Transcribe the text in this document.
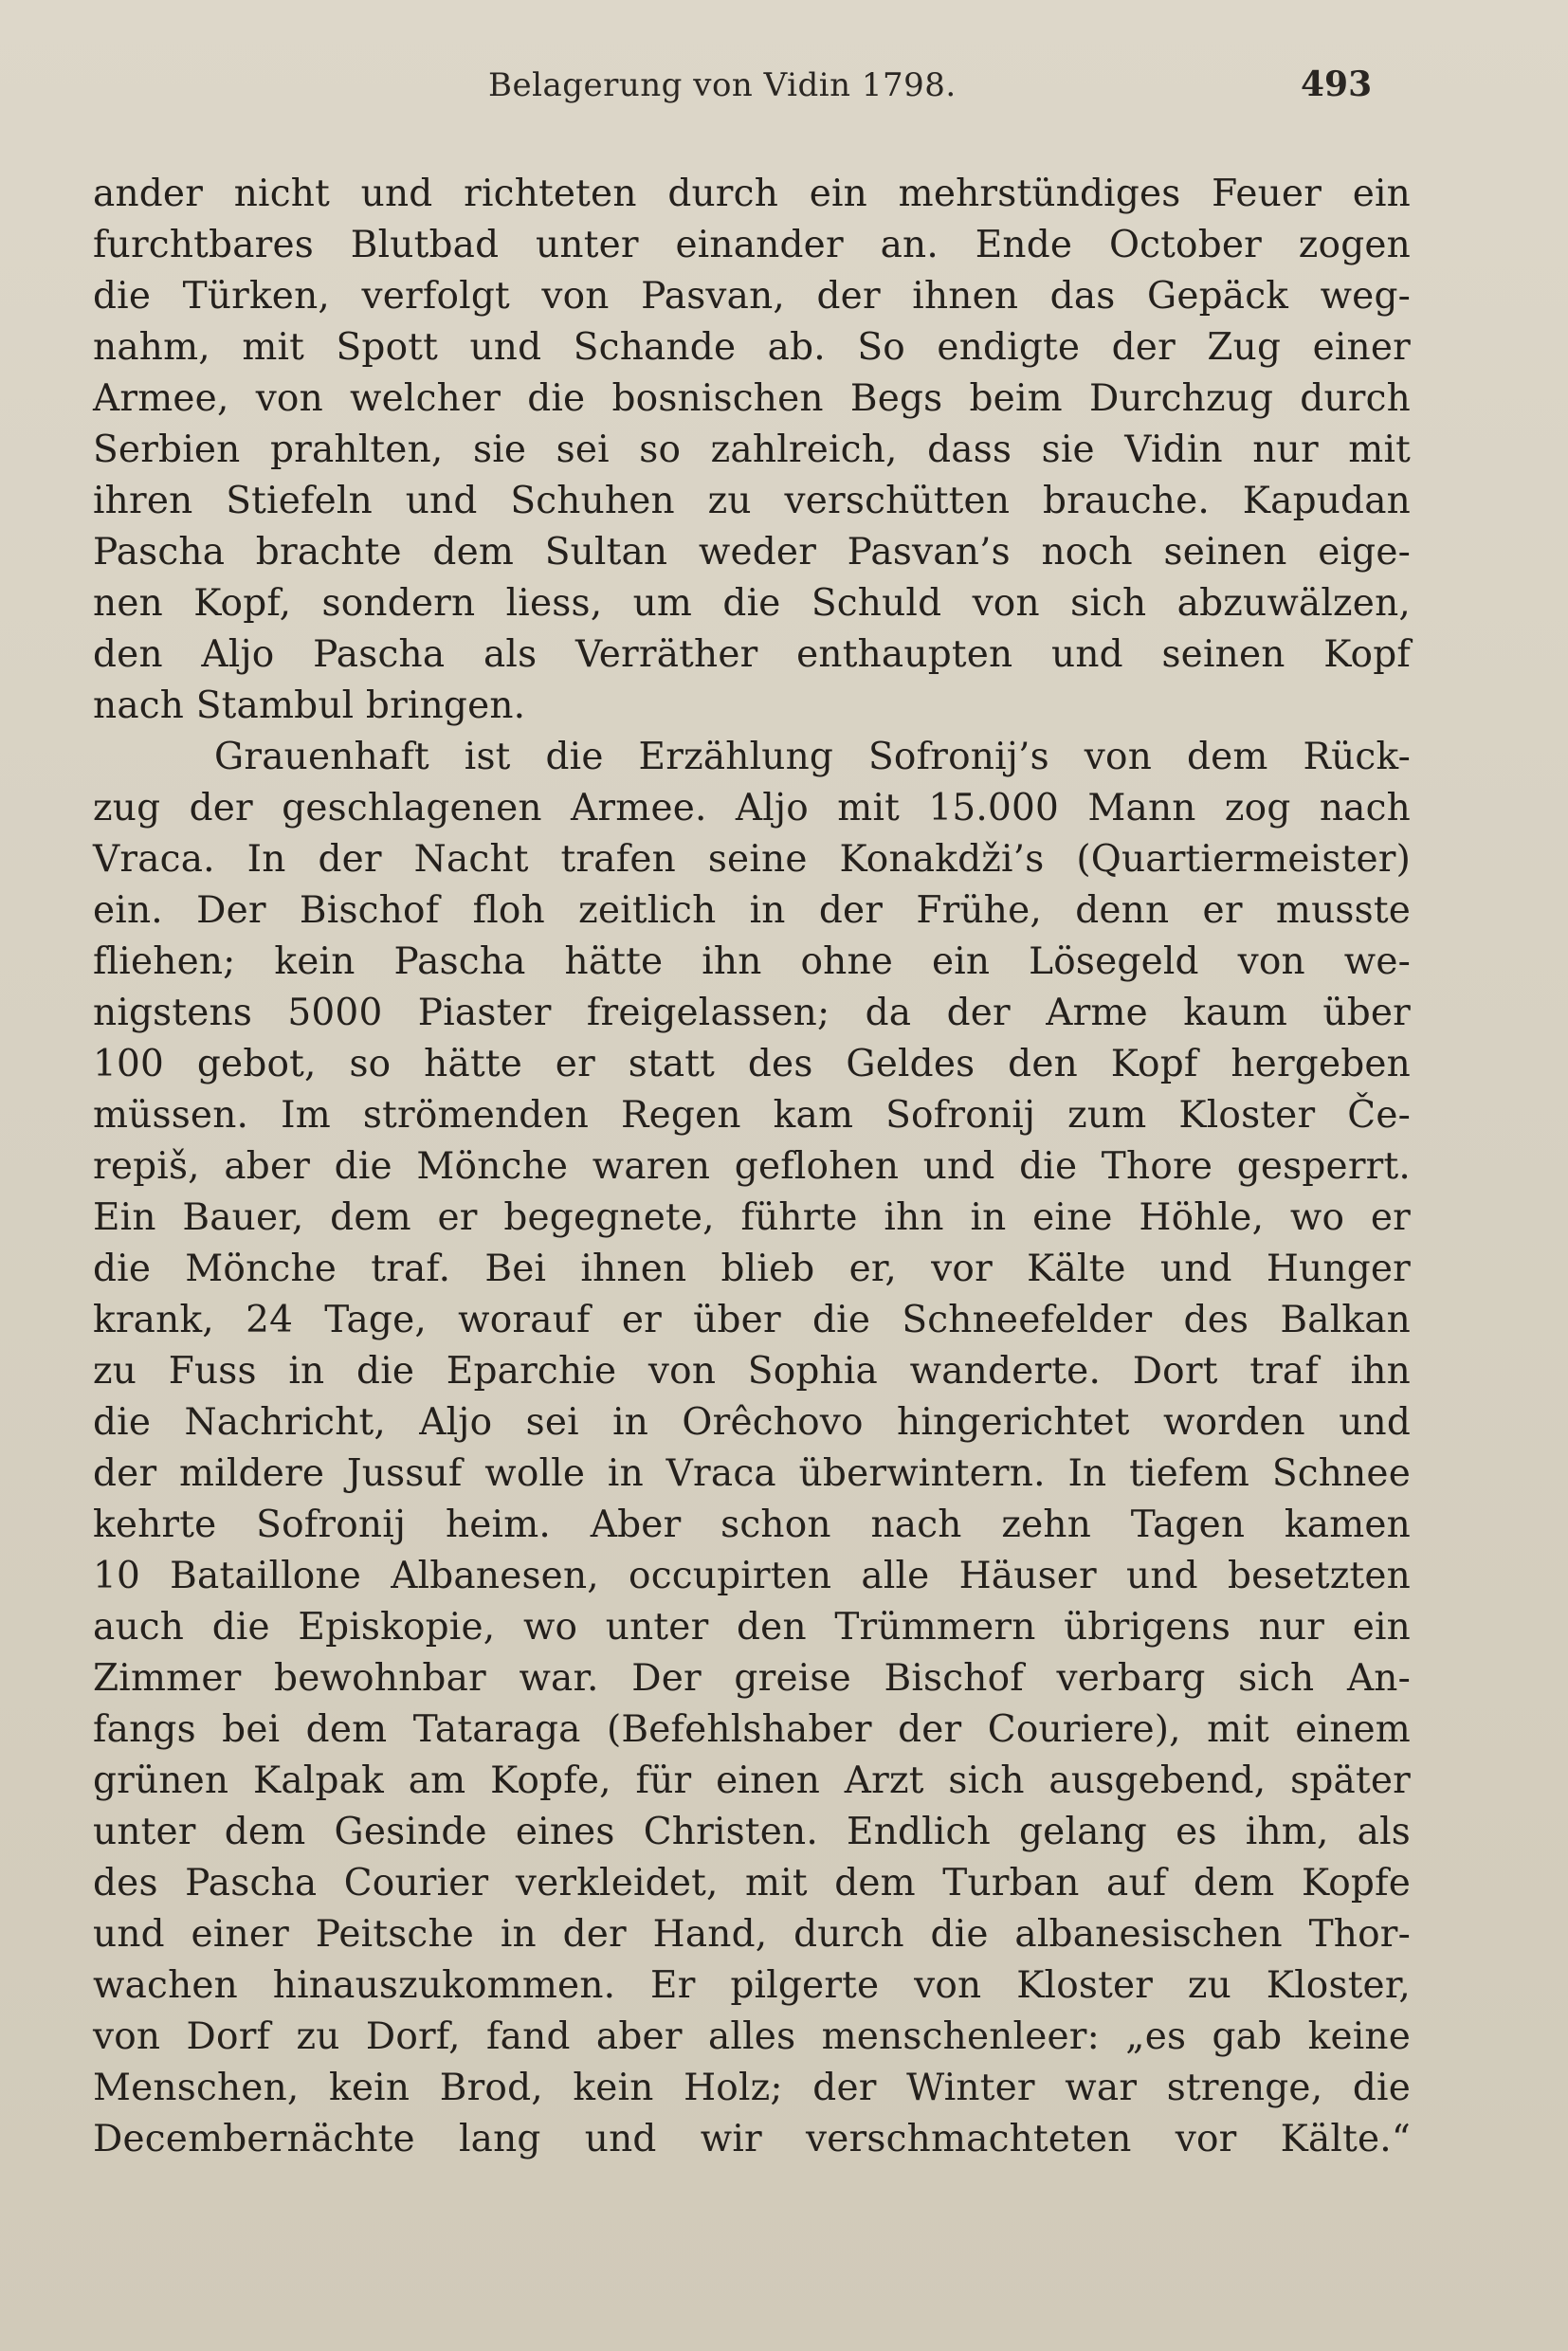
Belagerung von Vidin 1798.	493
ander nicht und richteten durch ein mehrstündiges Feuer ein
furchtbares Blutbad unter einander an. Ende October zogen
die Türken, verfolgt von Pasvan, der ihnen das Gepäck weg-
nahm, mit Spott und Schande ab. So endigte der Zug einer
Armee, von welcher die bosnischen Begs beim Durchzug durch
Serbien prahlten, sie sei so zahlreich, dass sie Vidin nur mit
ihren Stiefeln und Schuhen zu verschütten brauche. Kapudan
Pascha brachte dem Sultan weder Pasvan’s noch seinen eige-
nen Kopf, sondern liess, um die Schuld von sich abzuwälzen,
den Aljo Pascha als Verräther enthaupten und seinen Kopf
nach Stambul bringen.
Grauenhaft ist die Erzählung Sofronij’s von dem Rück-
zug der geschlagenen Armee. Aljo mit 15.000 Mann zog nach
Vraca. In der Nacht trafen seine Konakdži’s (Quartiermeister)
ein. Der Bischof floh zeitlich in der Frühe, denn er musste
fliehen; kein Pascha hätte ihn ohne ein Lösegeld von we-
nigstens 5000 Piaster freigelassen; da der Arme kaum über
100 gebot, so hätte er statt des Geldes den Kopf hergeben
müssen. Im strömenden Regen kam Sofronij zum Kloster Če-
repiš, aber die Mönche waren geflohen und die Thore gesperrt.
Ein Bauer, dem er begegnete, führte ihn in eine Höhle, wo er
die Mönche traf. Bei ihnen blieb er, vor Kälte und Hunger
krank, 24 Tage, worauf er über die Schneefelder des Balkan
zu Fuss in die Eparchie von Sophia wanderte. Dort traf ihn
die Nachricht, Aljo sei in Orêchovo hingerichtet worden und
der mildere Jussuf wolle in Vraca überwintern. In tiefem Schnee
kehrte Sofronij heim. Aber schon nach zehn Tagen kamen
10 Bataillone Albanesen, occupirten alle Häuser und besetzten
auch die Episkopie, wo unter den Trümmern übrigens nur ein
Zimmer bewohnbar war. Der greise Bischof verbarg sich An-
fangs bei dem Tataraga (Befehlshaber der Couriere), mit einem
grünen Kalpak am Kopfe, für einen Arzt sich ausgebend, später
unter dem Gesinde eines Christen. Endlich gelang es ihm, als
des Pascha Courier verkleidet, mit dem Turban auf dem Kopfe
und einer Peitsche in der Hand, durch die albanesischen Thor-
wachen hinauszukommen. Er pilgerte von Kloster zu Kloster,
von Dorf zu Dorf, fand aber alles menschenleer: „es gab keine
Menschen, kein Brod, kein Holz; der Winter war strenge, die
Decembernächte lang und wir verschmachteten vor Kälte.“
